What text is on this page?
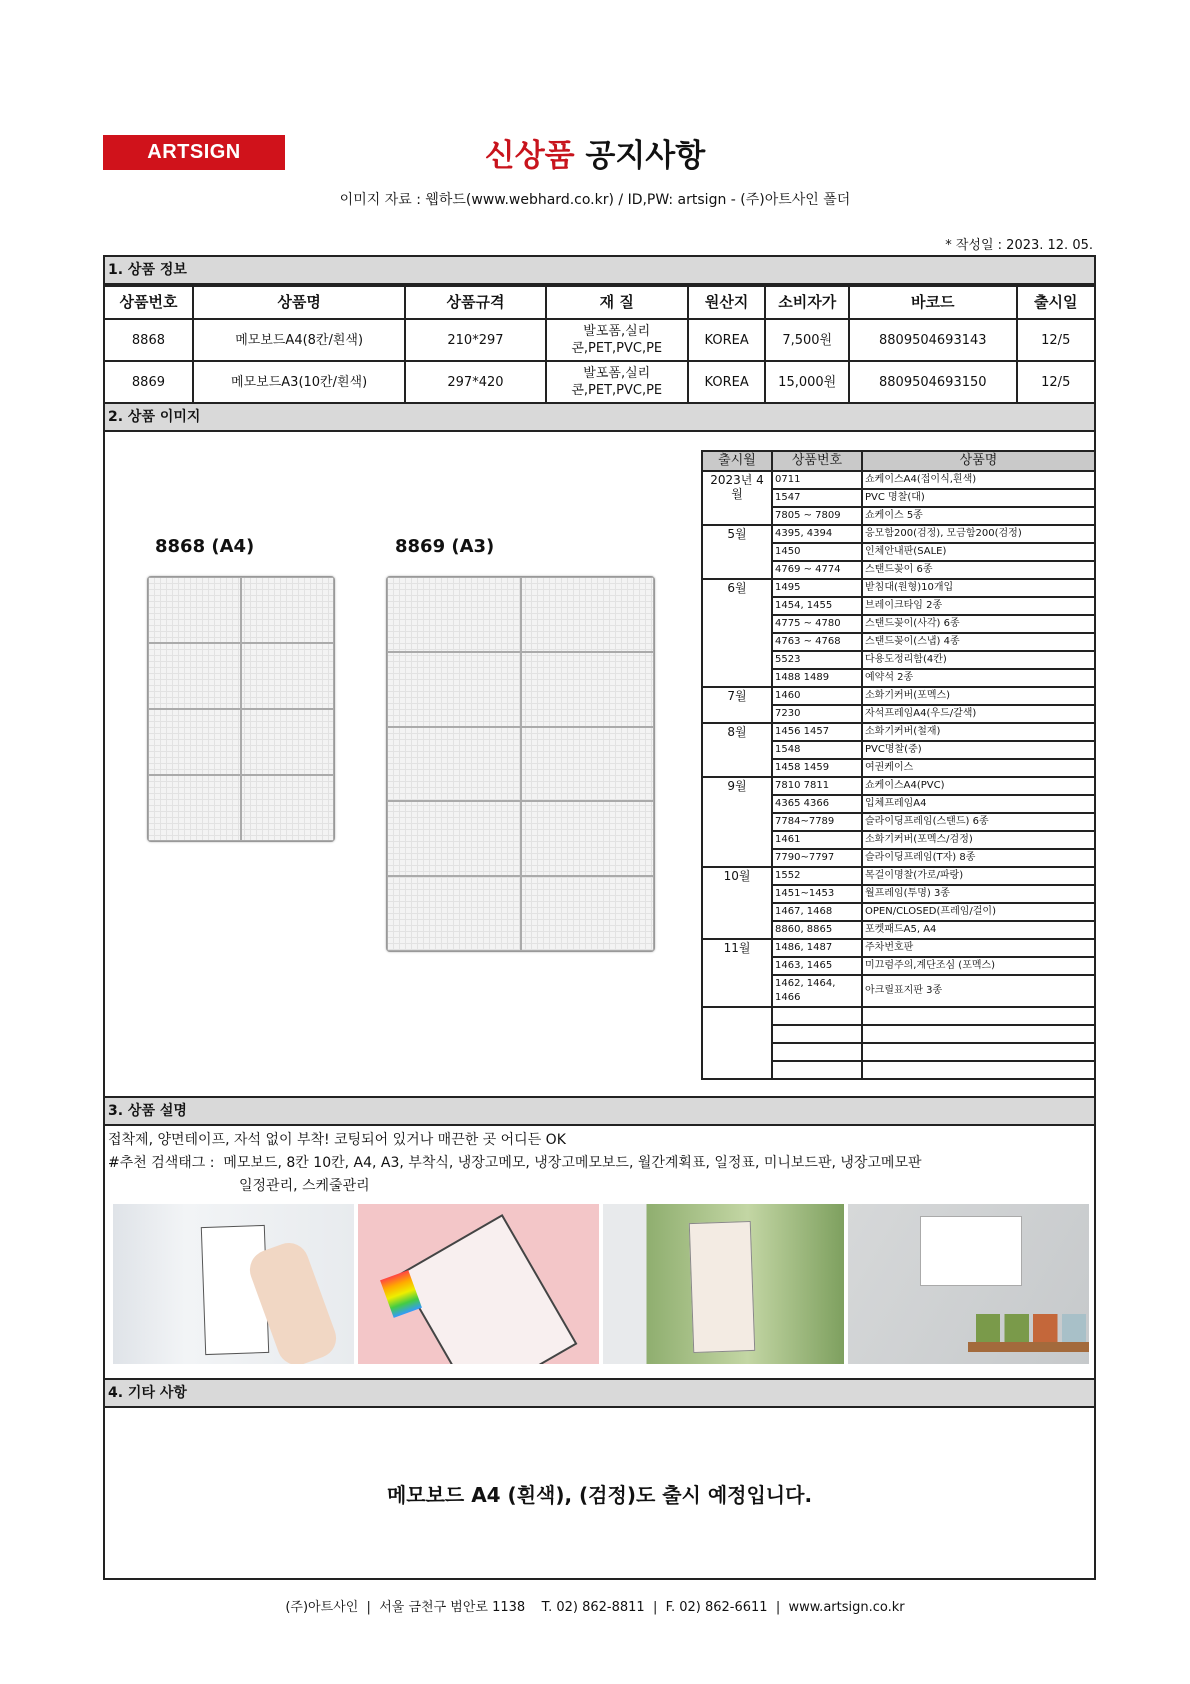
ARTSIGN	신상품 공지사항
이미지 자료 : 웹하드(www.webhard.co.kr) / ID,PW: artsign - (주)아트사인 폴더
* 작성일 : 2023. 12. 05.
1. 상품 정보
상품번호	상품명	상품규격	재 질	원산지	소비자가	바코드	출시일
8868	메모보드A4(8칸/흰색)	210*297	발포폼,실리콘,PET,PVC,PE	KOREA	7,500원	8809504693143	12/5
8869	메모보드A3(10칸/흰색)	297*420	발포폼,실리콘,PET,PVC,PE	KOREA	15,000원	8809504693150	12/5
2. 상품 이미지
8868 (A4)	8869 (A3)
출시월	상품번호	상품명
2023년 4월	0711	쇼케이스A4(접이식,흰색)
	1547	PVC 명찰(대)
	7805 ~ 7809	쇼케이스 5종
5월	4395, 4394	응모함200(검정), 모금함200(검정)
	1450	인체안내판(SALE)
	4769 ~ 4774	스탠드꽂이 6종
6월	1495	받침대(원형)10개입
	1454, 1455	브레이크타임 2종
	4775 ~ 4780	스탠드꽂이(사각) 6종
	4763 ~ 4768	스탠드꽂이(스냅) 4종
	5523	다용도정리함(4칸)
	1488 1489	예약석 2종
7월	1460	소화기커버(포멕스)
	7230	자석프레임A4(우드/갈색)
8월	1456 1457	소화기커버(철재)
	1548	PVC명찰(중)
	1458 1459	여권케이스
9월	7810 7811	쇼케이스A4(PVC)
	4365 4366	입체프레임A4
	7784~7789	슬라이딩프레임(스탠드) 6종
	1461	소화기커버(포멕스/검정)
	7790~7797	슬라이딩프레임(T자) 8종
10월	1552	목걸이명찰(가로/파랑)
	1451~1453	월프레임(투명) 3종
	1467, 1468	OPEN/CLOSED(프레임/걸이)
	8860, 8865	포켓패드A5, A4
11월	1486, 1487	주차번호판
	1463, 1465	미끄럼주의,계단조심 (포멕스)
	1462, 1464, 1466	아크릴표지판 3종

3. 상품 설명
접착제, 양면테이프, 자석 없이 부착! 코팅되어 있거나 매끈한 곳 어디든 OK
#추천 검색태그 : 메모보드, 8칸 10칸, A4, A3, 부착식, 냉장고메모, 냉장고메모보드, 월간계획표, 일정표, 미니보드판, 냉장고메모판
일정관리, 스케줄관리
4. 기타 사항
메모보드 A4 (흰색), (검정)도 출시 예정입니다.
(주)아트사인  |  서울 금천구 범안로 1138    T. 02) 862-8811  |  F. 02) 862-6611  |  www.artsign.co.kr
